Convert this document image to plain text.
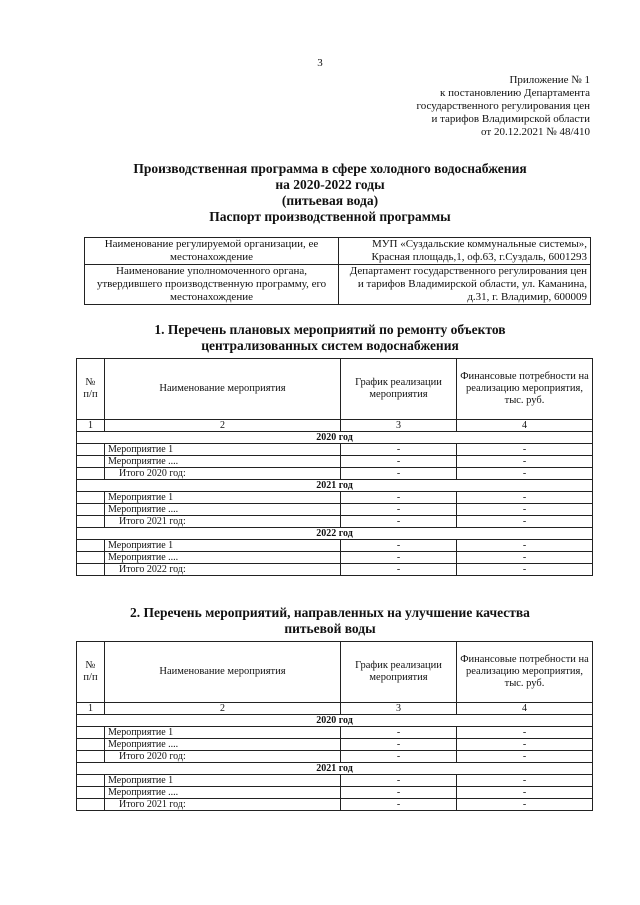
3
Приложение № 1
к постановлению Департамента
государственного регулирования цен
и тарифов Владимирской области
от 20.12.2021 № 48/410
Производственная программа в сфере холодного водоснабжения
на 2020-2022 годы
(питьевая вода)
Паспорт производственной программы
Наименование регулируемой организации, ее местонахождение	МУП «Суздальские коммунальные системы», Красная площадь,1, оф.63, г.Суздаль, 6001293
Наименование уполномоченного органа, утвердившего производственную программу, его местонахождение	Департамент государственного регулирования цен и тарифов Владимирской области, ул. Каманина, д.31, г. Владимир, 600009
1. Перечень плановых мероприятий по ремонту объектов
централизованных систем водоснабжения
№ п/п	Наименование мероприятия	График реализации мероприятия	Финансовые потребности на реализацию мероприятия, тыс. руб.
1	2	3	4
2020 год			
	Мероприятие 1	-	-
	Мероприятие ....	-	-
	Итого 2020 год:	-	-
2021 год			
	Мероприятие 1	-	-
	Мероприятие ....	-	-
	Итого 2021 год:	-	-
2022 год			
	Мероприятие 1	-	-
	Мероприятие ....	-	-
	Итого 2022 год:	-	-
2. Перечень мероприятий, направленных на улучшение качества
питьевой воды
№ п/п	Наименование мероприятия	График реализации мероприятия	Финансовые потребности на реализацию мероприятия, тыс. руб.
1	2	3	4
2020 год			
	Мероприятие 1	-	-
	Мероприятие ....	-	-
	Итого 2020 год:	-	-
2021 год			
	Мероприятие 1	-	-
	Мероприятие ....	-	-
	Итого 2021 год:	-	-
